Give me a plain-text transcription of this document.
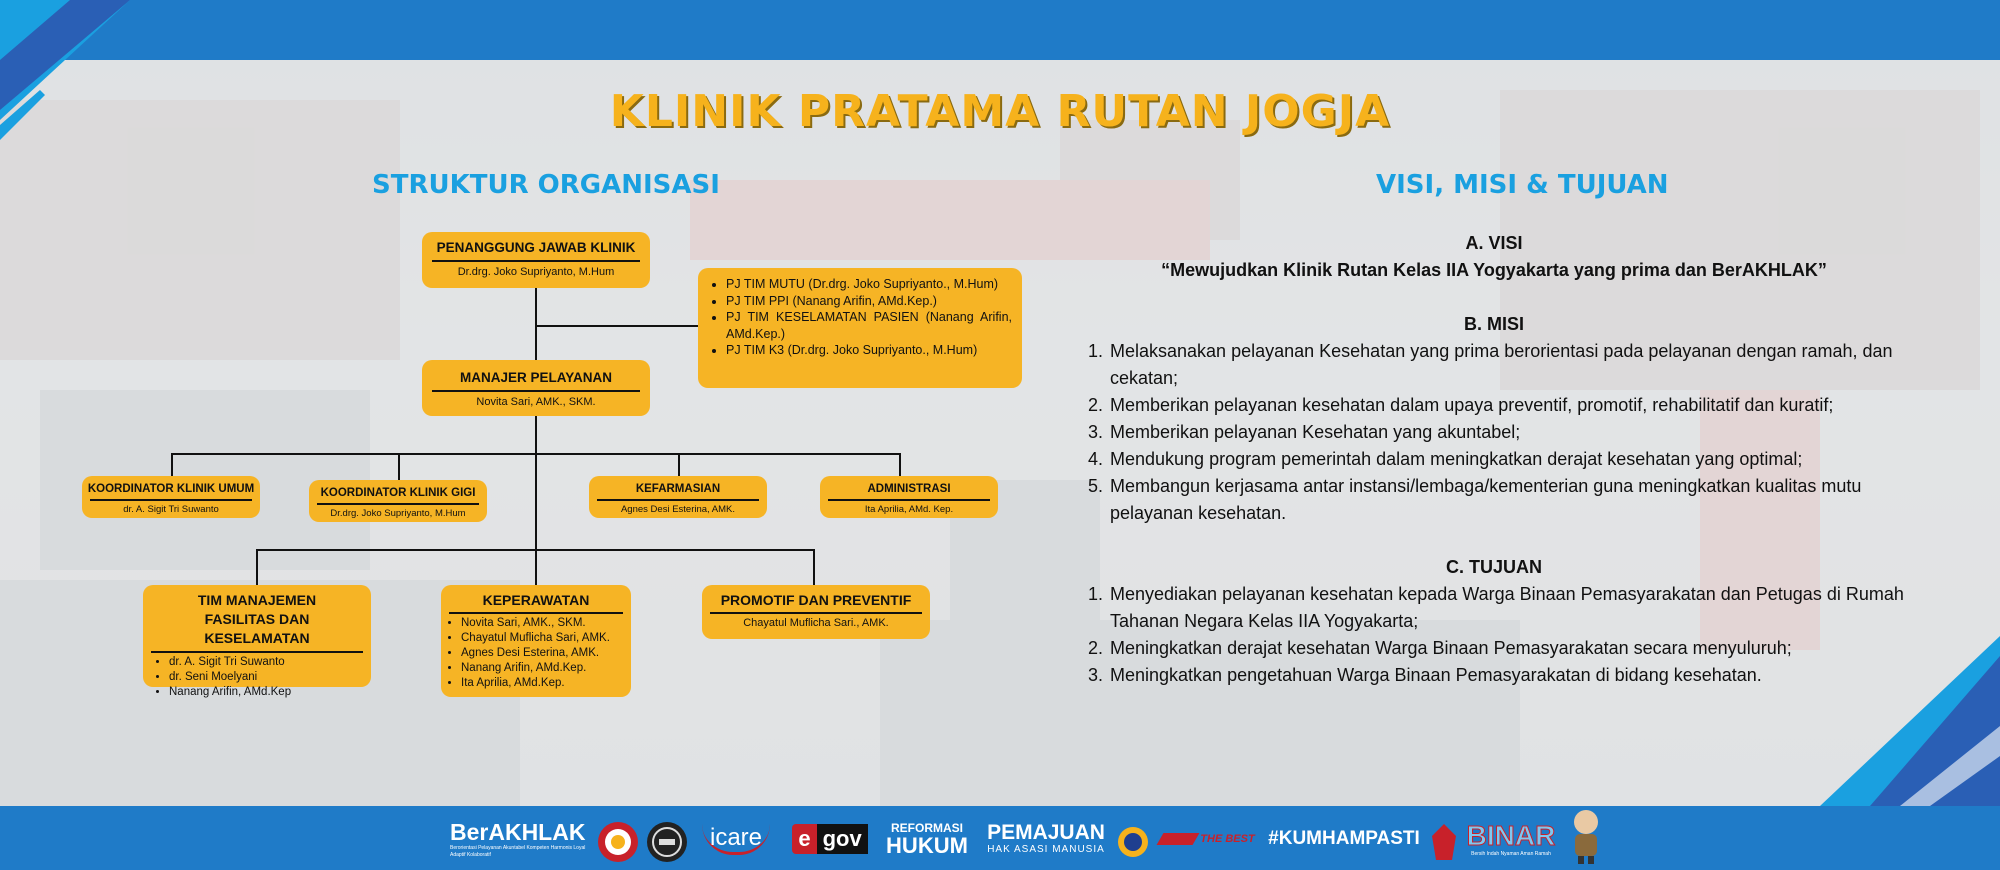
KLINIK PRATAMA RUTAN JOGJA
STRUKTUR ORGANISASI	VISI, MISI & TUJUAN
PENANGGUNG JAWAB KLINIK
Dr.drg. Joko Supriyanto, M.Hum
• PJ TIM MUTU (Dr.drg. Joko Supriyanto., M.Hum)
• PJ TIM PPI (Nanang Arifin, AMd.Kep.)
• PJ TIM KESELAMATAN PASIEN (Nanang Arifin, AMd.Kep.)
• PJ TIM K3 (Dr.drg. Joko Supriyanto., M.Hum)
MANAJER PELAYANAN
Novita Sari, AMK., SKM.
KOORDINATOR KLINIK UMUM
dr. A. Sigit Tri Suwanto
KOORDINATOR KLINIK GIGI
Dr.drg. Joko Supriyanto, M.Hum
KEFARMASIAN
Agnes Desi Esterina, AMK.
ADMINISTRASI
Ita Aprilia, AMd. Kep.
TIM MANAJEMEN FASILITAS DAN KESELAMATAN
• dr. A. Sigit Tri Suwanto
• dr. Seni Moelyani
• Nanang Arifin, AMd.Kep
KEPERAWATAN
• Novita Sari, AMK., SKM.
• Chayatul Muflicha Sari, AMK.
• Agnes Desi Esterina, AMK.
• Nanang Arifin, AMd.Kep.
• Ita Aprilia, AMd.Kep.
PROMOTIF DAN PREVENTIF
Chayatul Muflicha Sari., AMK.
A. VISI
“Mewujudkan Klinik Rutan Kelas IIA Yogyakarta yang prima dan BerAKHLAK”
B. MISI
1. Melaksanakan pelayanan Kesehatan yang prima berorientasi pada pelayanan dengan ramah, dan cekatan;
2. Memberikan pelayanan kesehatan dalam upaya preventif, promotif, rehabilitatif dan kuratif;
3. Memberikan pelayanan Kesehatan yang akuntabel;
4. Mendukung program pemerintah dalam meningkatkan derajat kesehatan yang optimal;
5. Membangun kerjasama antar instansi/lembaga/kementerian guna meningkatkan kualitas mutu pelayanan kesehatan.
C. TUJUAN
1. Menyediakan pelayanan kesehatan kepada Warga Binaan Pemasyarakatan dan Petugas di Rumah Tahanan Negara Kelas IIA Yogyakarta;
2. Meningkatkan derajat kesehatan Warga Binaan Pemasyarakatan secara menyuluruh;
3. Meningkatkan pengetahuan Warga Binaan Pemasyarakatan di bidang kesehatan.
BerAKHLAK
Berorientasi Pelayanan Akuntabel Kompeten Harmonis Loyal Adaptif Kolaboratif
icare	e gov	REFORMASI
HUKUM
PEMAJUAN
HAK ASASI MANUSIA
THE BEST #KUMHAMPASTI BINAR
Bersih Indah Nyaman Aman Ramah
